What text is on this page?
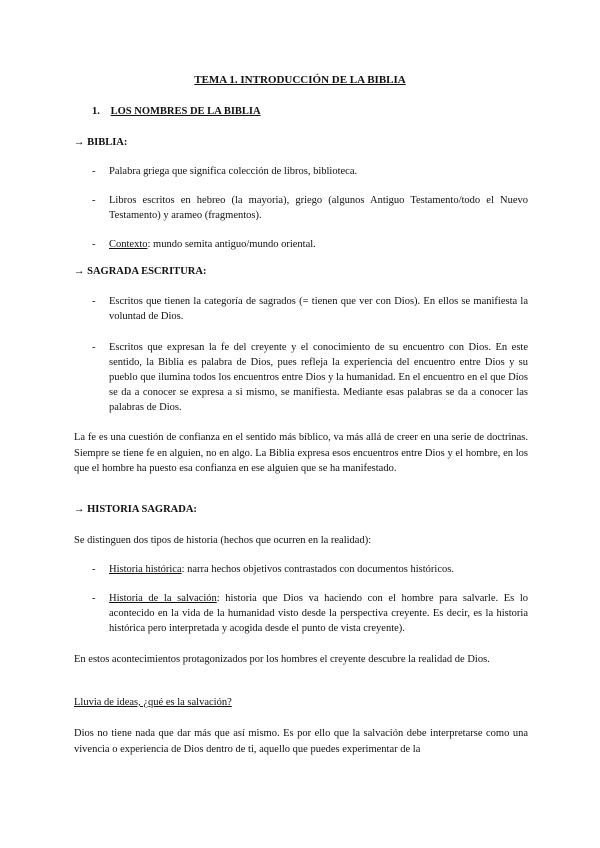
TEMA 1. INTRODUCCIÓN DE LA BIBLIA
1. LOS NOMBRES DE LA BIBLIA
→ BIBLIA:
- Palabra griega que significa colección de libros, biblioteca.
- Libros escritos en hebreo (la mayoria), griego (algunos Antiguo Testamento/todo el Nuevo Testamento) y arameo (fragmentos).
- Contexto: mundo semita antiguo/mundo oriental.
→ SAGRADA ESCRITURA:
- Escritos que tienen la categoría de sagrados (= tienen que ver con Dios). En ellos se manifiesta la voluntad de Dios.
- Escritos que expresan la fe del creyente y el conocimiento de su encuentro con Dios. En este sentido, la Biblia es palabra de Dios, pues refleja la experiencia del encuentro entre Dios y su pueblo que ilumina todos los encuentros entre Dios y la humanidad. En el encuentro en el que Dios se da a conocer se expresa a si mismo, se manifiesta. Mediante esas palabras se da a conocer las palabras de Dios.
La fe es una cuestión de confianza en el sentido más bíblico, va más allá de creer en una serie de doctrinas. Siempre se tiene fe en alguien, no en algo. La Biblia expresa esos encuentros entre Dios y el hombre, en los que el hombre ha puesto esa confianza en ese alguien que se ha manifestado.
→ HISTORIA SAGRADA:
Se distinguen dos tipos de historia (hechos que ocurren en la realidad):
- Historia histórica: narra hechos objetivos contrastados con documentos históricos.
- Historia de la salvación: historia que Dios va haciendo con el hombre para salvarle. Es lo acontecido en la vida de la humanidad visto desde la perspectiva creyente. Es decir, es la historia histórica pero interpretada y acogida desde el punto de vista creyente).
En estos acontecimientos protagonizados por los hombres el creyente descubre la realidad de Dios.
Lluvia de ideas, ¿qué es la salvación?
Dios no tiene nada que dar más que así mismo. Es por ello que la salvación debe interpretarse como una vivencia o experiencia de Dios dentro de ti, aquello que puedes experimentar de la
